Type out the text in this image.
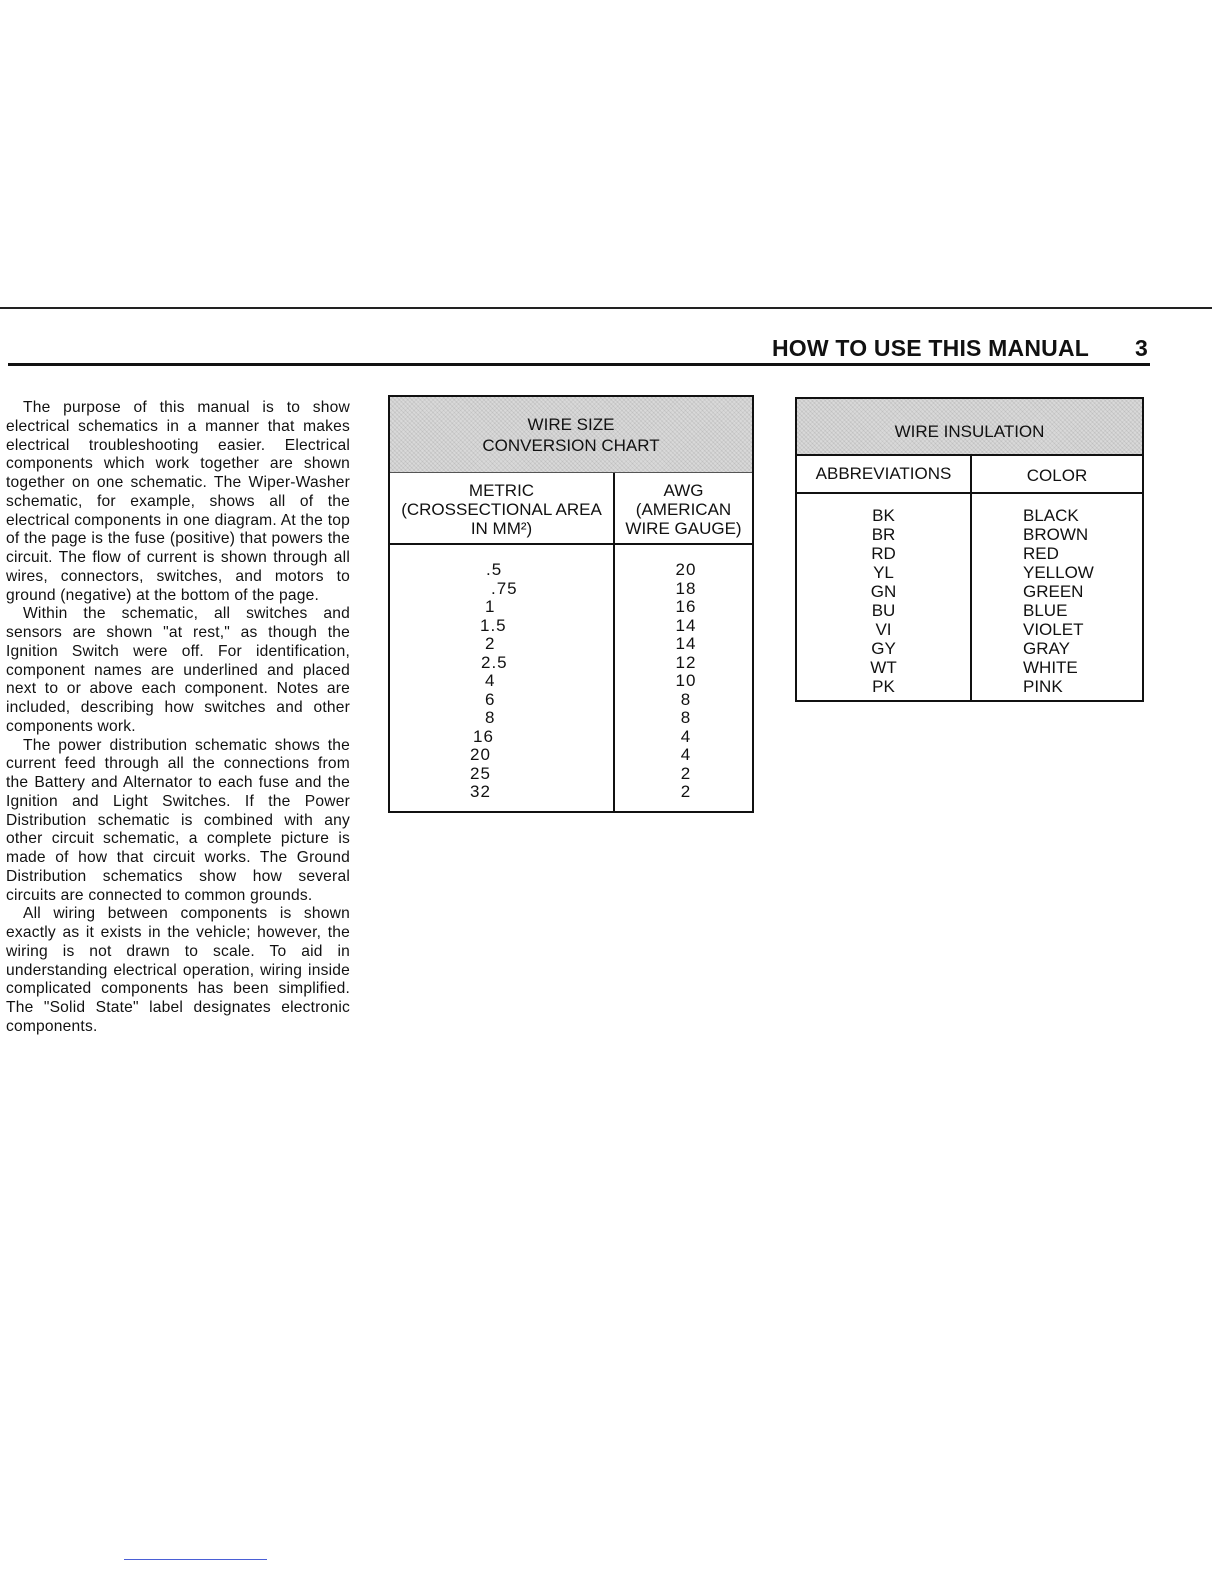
HOW TO USE THIS MANUAL 3

The purpose of this manual is to show electrical schematics in a manner that makes electrical troubleshooting easier. Electrical components which work together are shown together on one schematic. The Wiper-Washer schematic, for example, shows all of the electrical components in one diagram. At the top of the page is the fuse (positive) that powers the circuit. The flow of current is shown through all wires, connectors, switches, and motors to ground (negative) at the bottom of the page.

Within the schematic, all switches and sensors are shown "at rest," as though the Ignition Switch were off. For identification, component names are underlined and placed next to or above each component. Notes are included, describing how switches and other components work.

The power distribution schematic shows the current feed through all the connections from the Battery and Alternator to each fuse and the Ignition and Light Switches. If the Power Distribution schematic is combined with any other circuit schematic, a complete picture is made of how that circuit works. The Ground Distribution schematics show how several circuits are connected to common grounds.

All wiring between components is shown exactly as it exists in the vehicle; however, the wiring is not drawn to scale. To aid in understanding electrical operation, wiring inside complicated components has been simplified. The "Solid State" label designates electronic components.

WIRE SIZE
CONVERSION CHART
METRIC
(CROSSECTIONAL AREA
IN MM²)
AWG
(AMERICAN
WIRE GAUGE)
.5
.75
1
1.5
2
2.5
4
6
8
16
20
25
32
20
18
16
14
14
12
10
8
8
4
4
2
2
WIRE INSULATION
ABBREVIATIONS	COLOR
BK
BR
RD
YL
GN
BU
VI
GY
WT
PK
BLACK
BROWN
RED
YELLOW
GREEN
BLUE
VIOLET
GRAY
WHITE
PINK
